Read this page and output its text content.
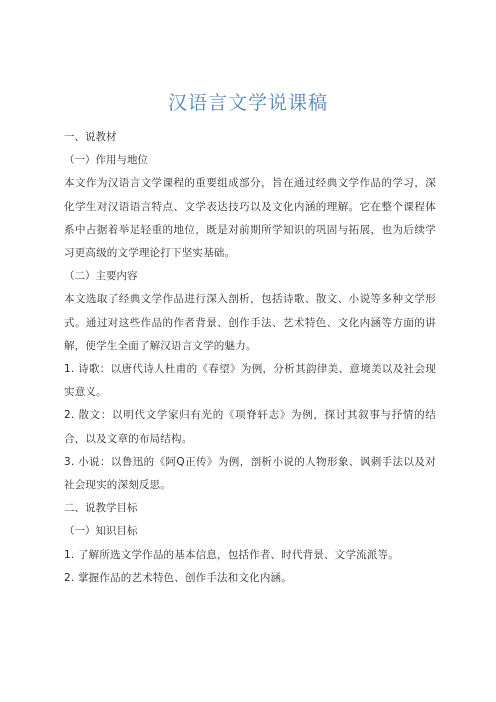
汉语言文学说课稿

一、说教材

（一）作用与地位

本文作为汉语言文学课程的重要组成部分，旨在通过经典文学作品的学习，深化学生对汉语语言特点、文学表达技巧以及文化内涵的理解。它在整个课程体系中占据着举足轻重的地位，既是对前期所学知识的巩固与拓展，也为后续学习更高级的文学理论打下坚实基础。

（二）主要内容

本文选取了经典文学作品进行深入剖析，包括诗歌、散文、小说等多种文学形式。通过对这些作品的作者背景、创作手法、艺术特色、文化内涵等方面的讲解，使学生全面了解汉语言文学的魅力。

1. 诗歌：以唐代诗人杜甫的《春望》为例，分析其韵律美、意境美以及社会现实意义。

2. 散文：以明代文学家归有光的《项脊轩志》为例，探讨其叙事与抒情的结合，以及文章的布局结构。

3. 小说：以鲁迅的《阿Q正传》为例，剖析小说的人物形象、讽刺手法以及对社会现实的深刻反思。

二、说教学目标

（一）知识目标

1. 了解所选文学作品的基本信息，包括作者、时代背景、文学流派等。

2. 掌握作品的艺术特色、创作手法和文化内涵。
